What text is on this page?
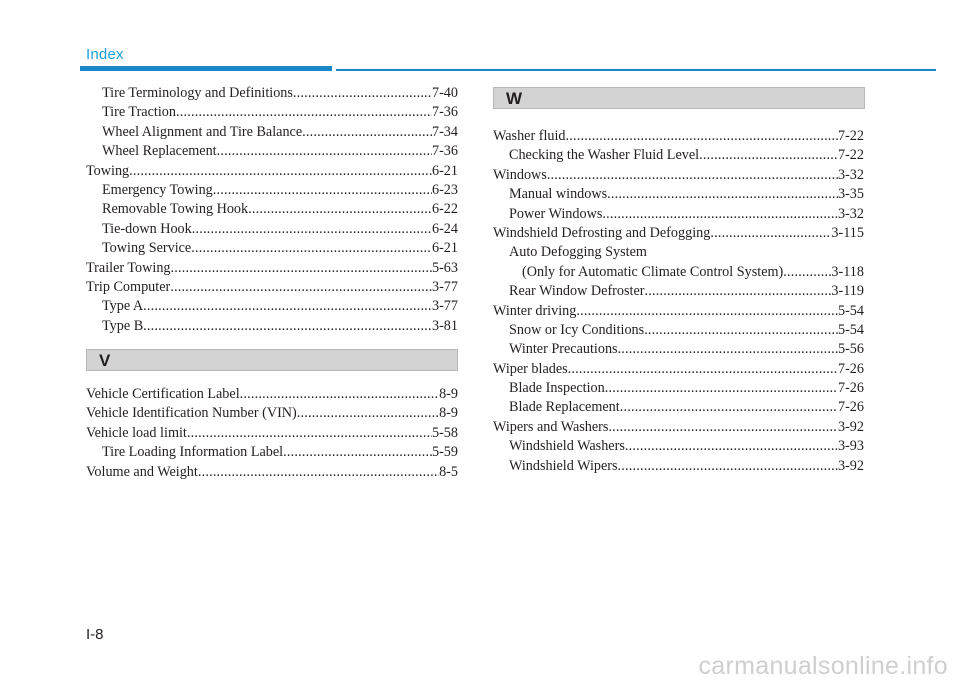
Index
Tire Terminology and Definitions .....	7-40
Tire Traction .....	7-36
Wheel Alignment and Tire Balance .....	7-34
Wheel Replacement .....	7-36
Towing .....	6-21
Emergency Towing .....	6-23
Removable Towing Hook .....	6-22
Tie-down Hook .....	6-24
Towing Service .....	6-21
Trailer Towing .....	5-63
Trip Computer .....	3-77
Type A .....	3-77
Type B .....	3-81
V
Vehicle Certification Label .....	8-9
Vehicle Identification Number (VIN) .....	8-9
Vehicle load limit .....	5-58
Tire Loading Information Label .....	5-59
Volume and Weight .....	8-5
W
Washer fluid .....	7-22
Checking the Washer Fluid Level .....	7-22
Windows .....	3-32
Manual windows .....	3-35
Power Windows .....	3-32
Windshield Defrosting and Defogging .....	3-115
Auto Defogging System
(Only for Automatic Climate Control System) .....	3-118
Rear Window Defroster .....	3-119
Winter driving .....	5-54
Snow or Icy Conditions .....	5-54
Winter Precautions .....	5-56
Wiper blades .....	7-26
Blade Inspection .....	7-26
Blade Replacement .....	7-26
Wipers and Washers .....	3-92
Windshield Washers .....	3-93
Windshield Wipers .....	3-92
I-8
carmanualsonline.info
